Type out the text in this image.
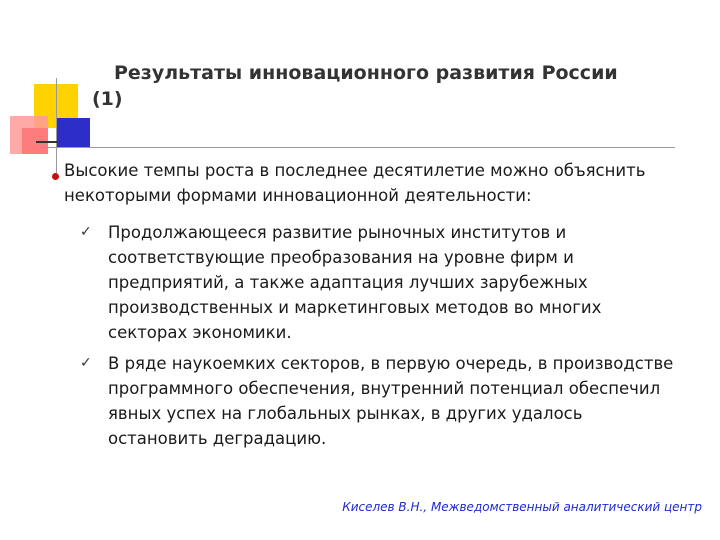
Результаты инновационного развития России
(1)
Высокие темпы роста в последнее десятилетие можно объяснить некоторыми формами инновационной деятельности:
✓ Продолжающееся развитие рыночных институтов и соответствующие преобразования на уровне фирм и предприятий, а также адаптация лучших зарубежных производственных и маркетинговых методов во многих секторах экономики.
✓ В ряде наукоемких секторов, в первую очередь, в производстве программного обеспечения, внутренний потенциал обеспечил явных успех на глобальных рынках, в других удалось остановить деградацию.
Киселев В.Н., Межведомственный аналитический центр
